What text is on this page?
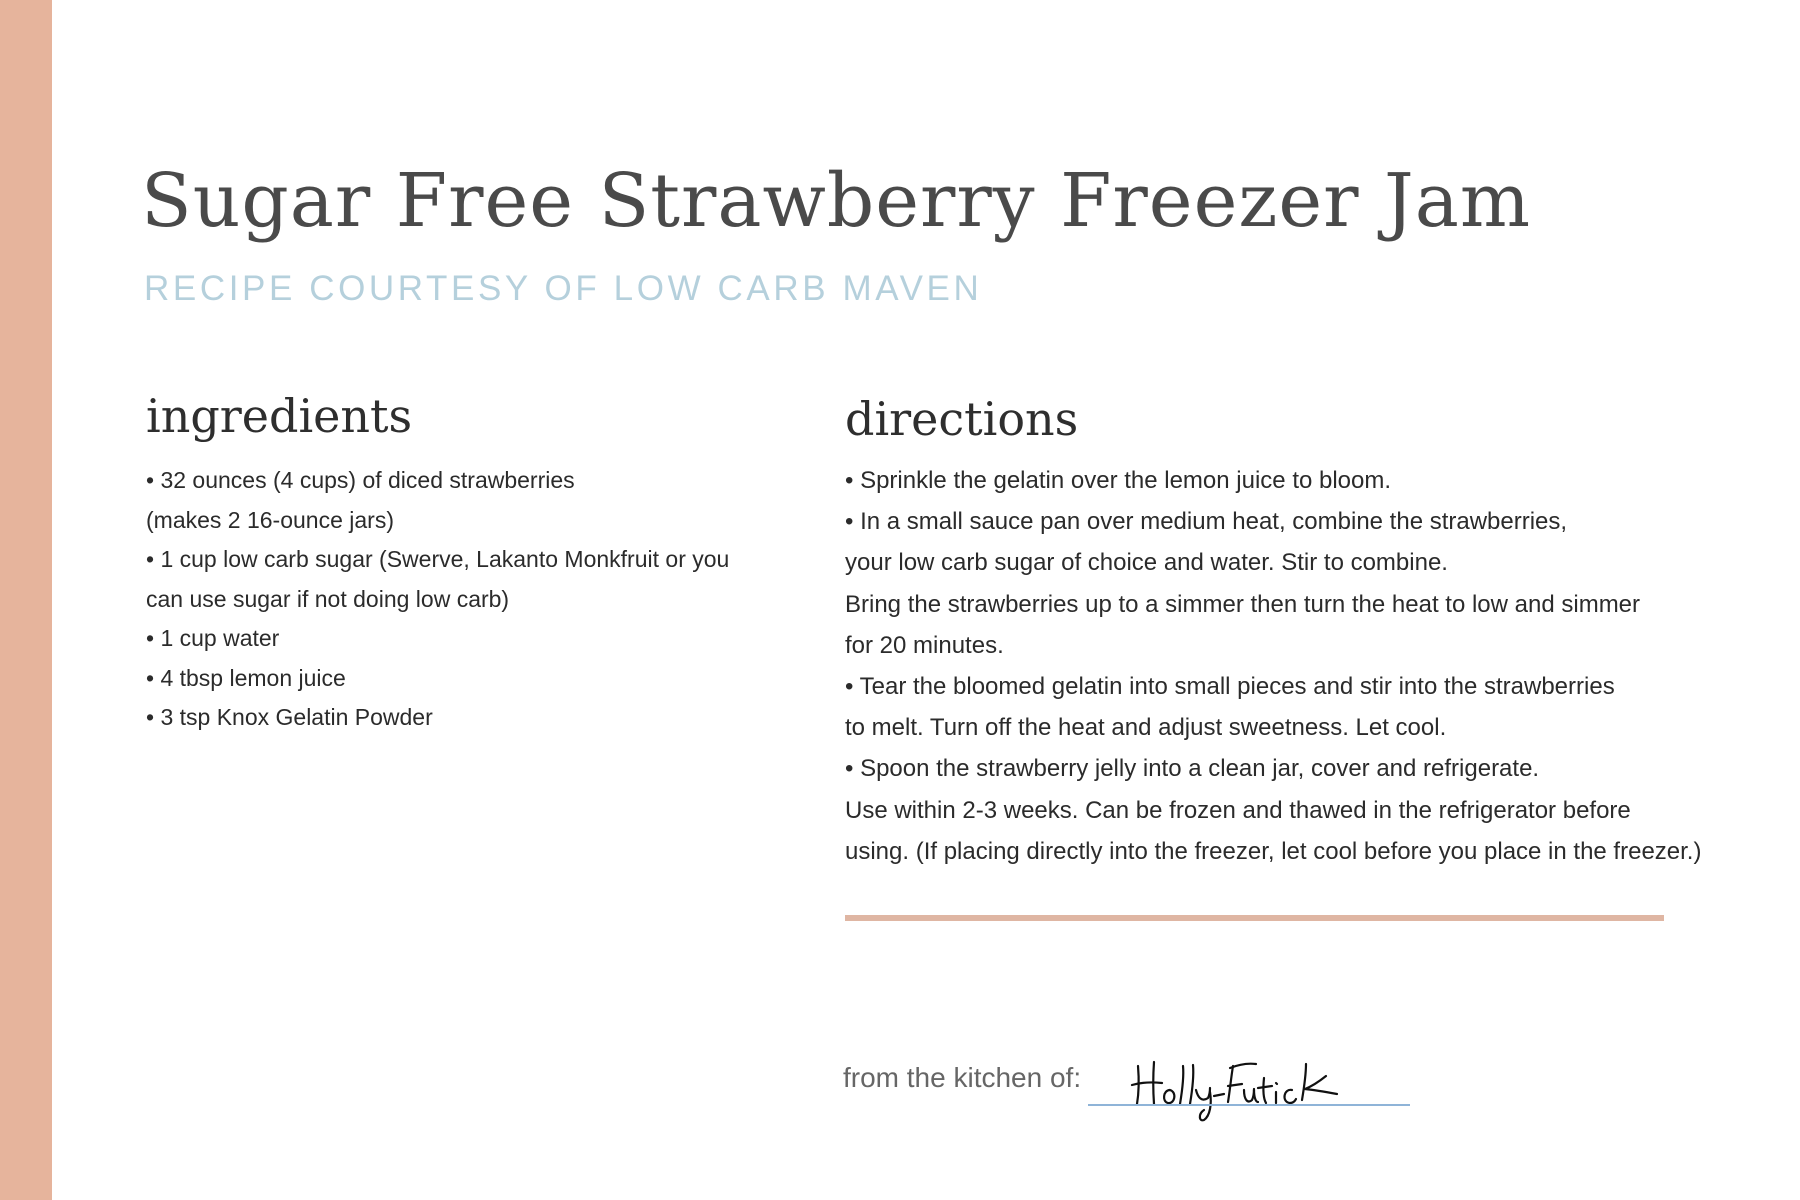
Sugar Free Strawberry Freezer Jam
RECIPE COURTESY OF LOW CARB MAVEN
ingredients
• 32 ounces (4 cups) of diced strawberries
(makes 2 16-ounce jars)
• 1 cup low carb sugar (Swerve, Lakanto Monkfruit or you
can use sugar if not doing low carb)
• 1 cup water
• 4 tbsp lemon juice
• 3 tsp Knox Gelatin Powder
directions
• Sprinkle the gelatin over the lemon juice to bloom.
• In a small sauce pan over medium heat, combine the strawberries,
your low carb sugar of choice and water. Stir to combine.
Bring the strawberries up to a simmer then turn the heat to low and simmer
for 20 minutes.
• Tear the bloomed gelatin into small pieces and stir into the strawberries
to melt. Turn off the heat and adjust sweetness. Let cool.
• Spoon the strawberry jelly into a clean jar, cover and refrigerate.
Use within 2-3 weeks. Can be frozen and thawed in the refrigerator before
using. (If placing directly into the freezer, let cool before you place in the freezer.)
from the kitchen of:
